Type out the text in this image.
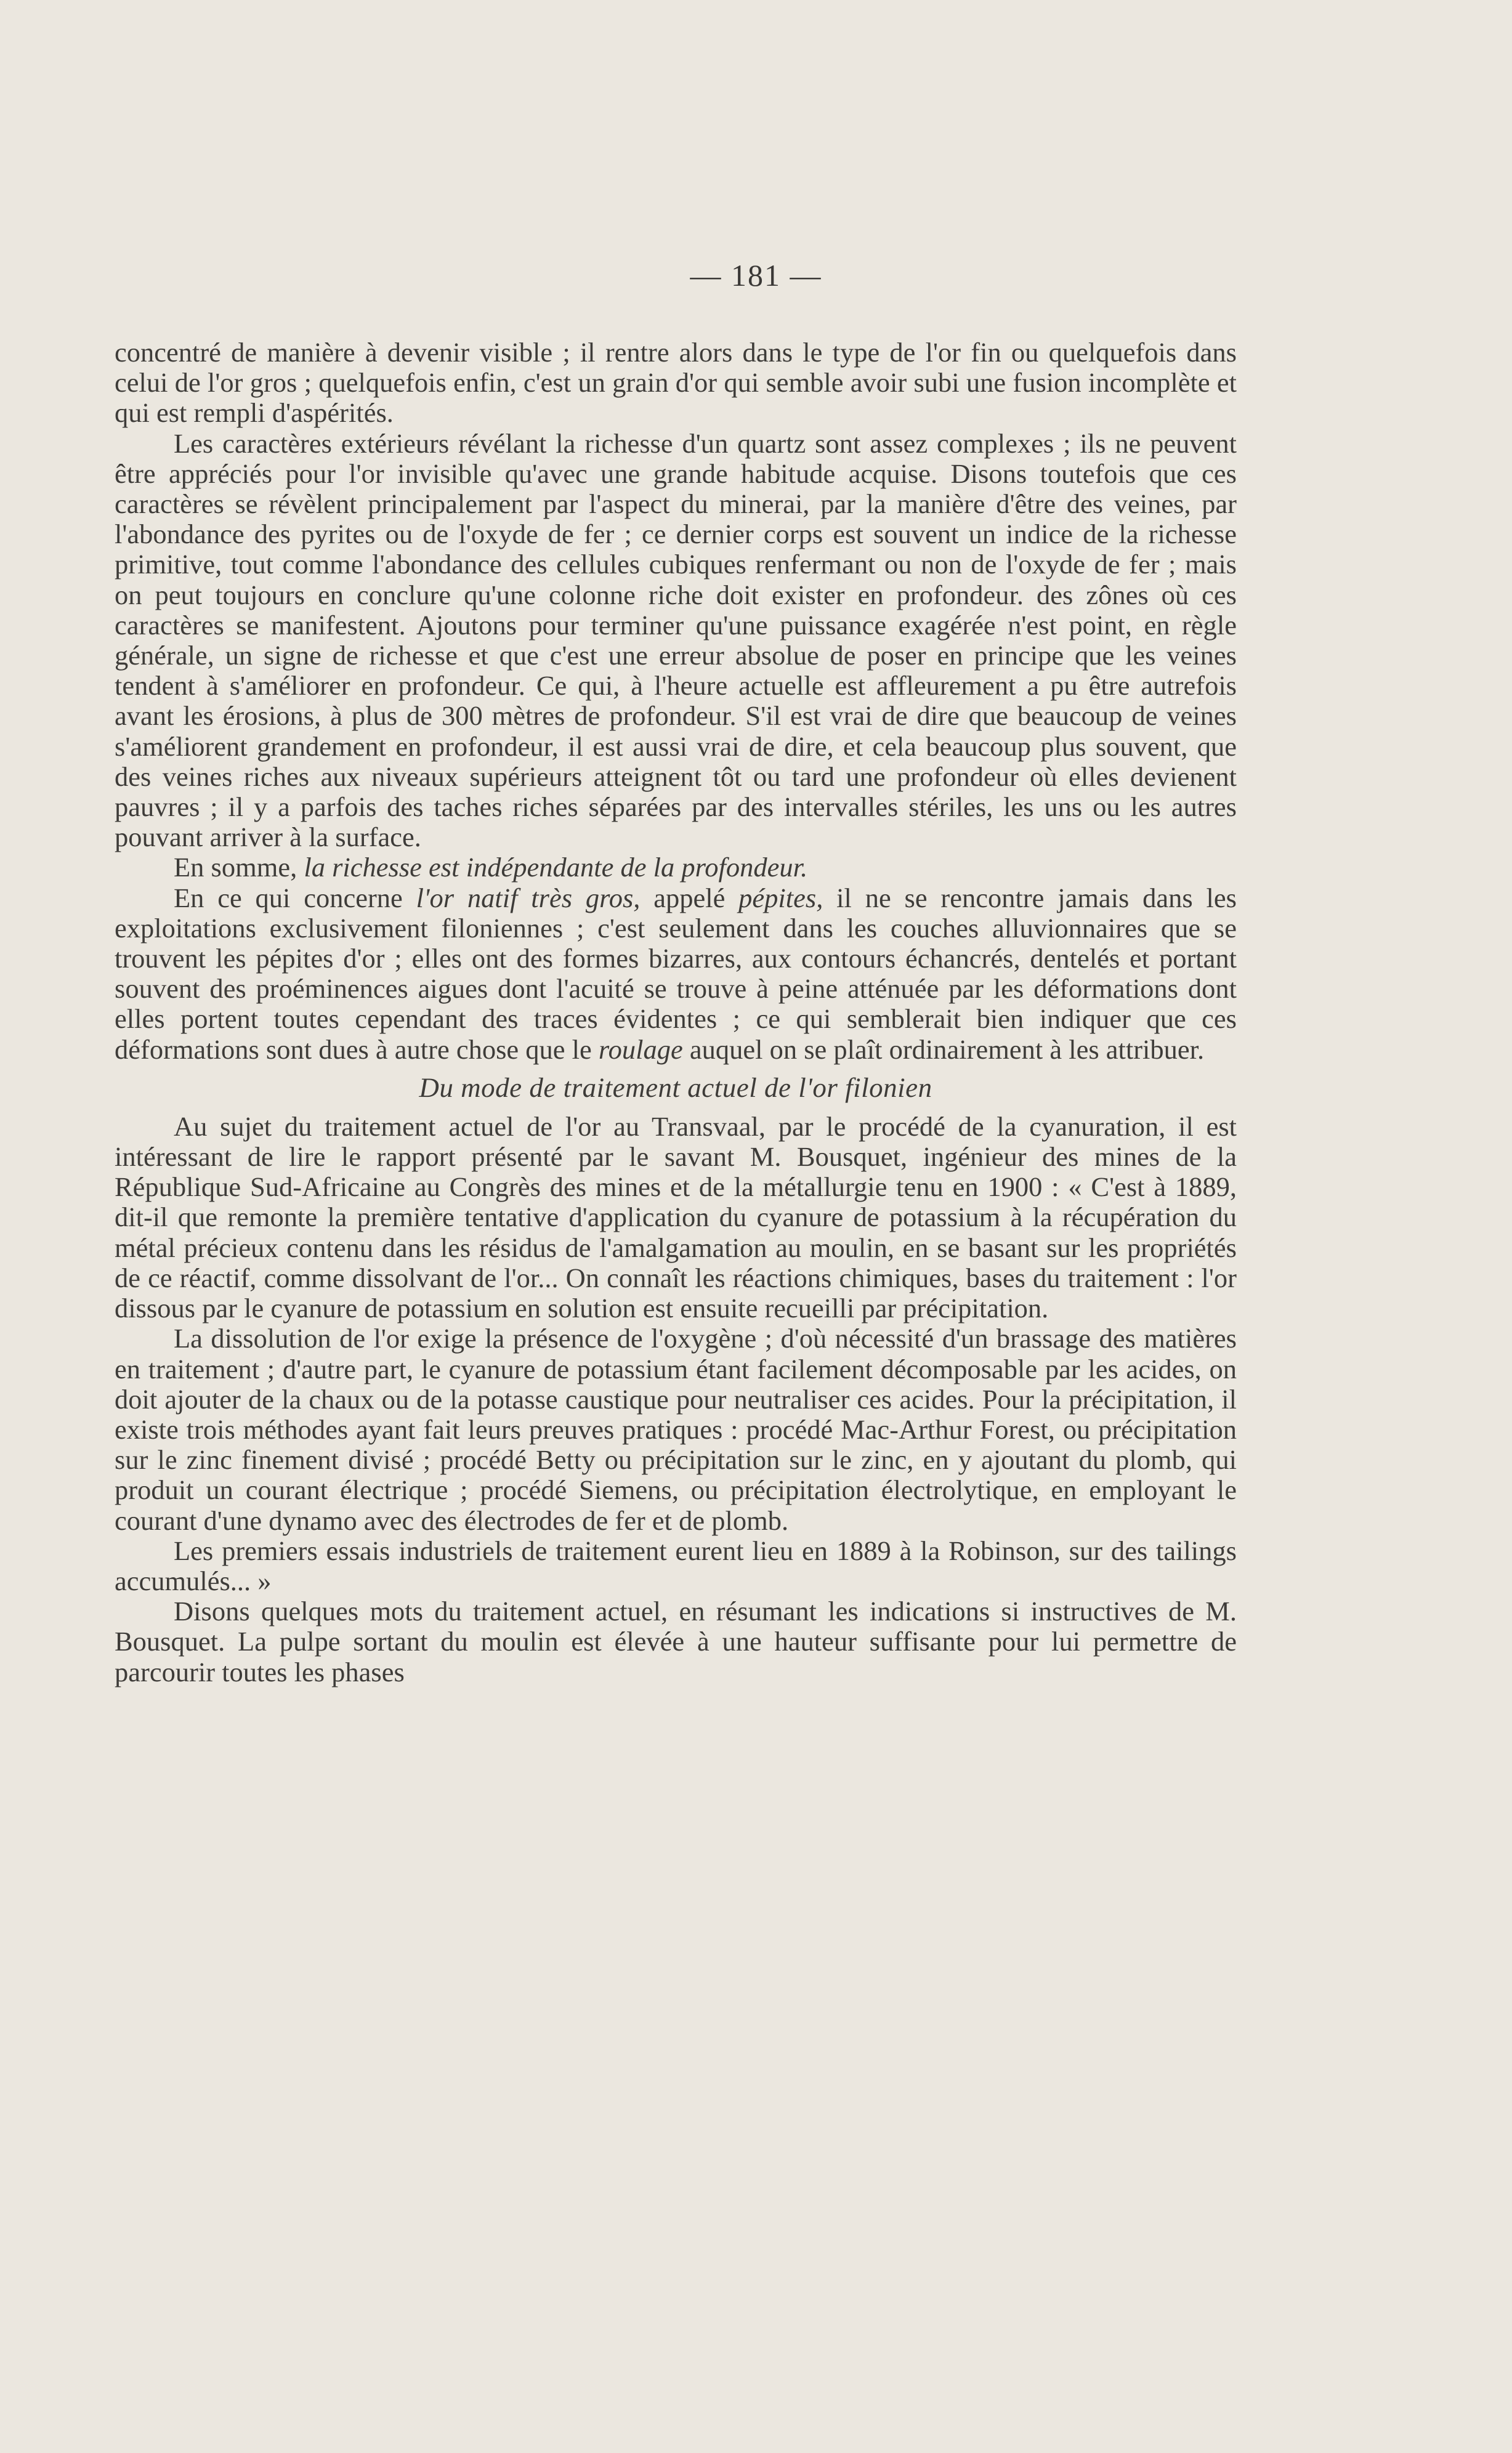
— 181 —

concentré de manière à devenir visible ; il rentre alors dans le type de l'or fin ou quelquefois dans celui de l'or gros ; quelquefois enfin, c'est un grain d'or qui semble avoir subi une fusion incomplète et qui est rempli d'aspérités.

Les caractères extérieurs révélant la richesse d'un quartz sont assez complexes ; ils ne peuvent être appréciés pour l'or invisible qu'avec une grande habitude acquise. Disons toutefois que ces caractères se révèlent principalement par l'aspect du minerai, par la manière d'être des veines, par l'abondance des pyrites ou de l'oxyde de fer ; ce dernier corps est souvent un indice de la richesse primitive, tout comme l'abondance des cellules cubiques renfermant ou non de l'oxyde de fer ; mais on peut toujours en conclure qu'une colonne riche doit exister en profondeur. des zônes où ces caractères se manifestent. Ajoutons pour terminer qu'une puissance exagérée n'est point, en règle générale, un signe de richesse et que c'est une erreur absolue de poser en principe que les veines tendent à s'améliorer en profondeur. Ce qui, à l'heure actuelle est affleurement a pu être autrefois avant les érosions, à plus de 300 mètres de profondeur. S'il est vrai de dire que beaucoup de veines s'améliorent grandement en profondeur, il est aussi vrai de dire, et cela beaucoup plus souvent, que des veines riches aux niveaux supérieurs atteignent tôt ou tard une profondeur où elles devienent pauvres ; il y a parfois des taches riches séparées par des intervalles stériles, les uns ou les autres pouvant arriver à la surface.

En somme, la richesse est indépendante de la profondeur.

En ce qui concerne l'or natif très gros, appelé pépites, il ne se rencontre jamais dans les exploitations exclusivement filoniennes ; c'est seulement dans les couches alluvionnaires que se trouvent les pépites d'or ; elles ont des formes bizarres, aux contours échancrés, dentelés et portant souvent des proéminences aigues dont l'acuité se trouve à peine atténuée par les déformations dont elles portent toutes cependant des traces évidentes ; ce qui semblerait bien indiquer que ces déformations sont dues à autre chose que le roulage auquel on se plaît ordinairement à les attribuer.

Du mode de traitement actuel de l'or filonien

Au sujet du traitement actuel de l'or au Transvaal, par le procédé de la cyanuration, il est intéressant de lire le rapport présenté par le savant M. Bousquet, ingénieur des mines de la République Sud-Africaine au Congrès des mines et de la métallurgie tenu en 1900 : « C'est à 1889, dit-il que remonte la première tentative d'application du cyanure de potassium à la récupération du métal précieux contenu dans les résidus de l'amalgamation au moulin, en se basant sur les propriétés de ce réactif, comme dissolvant de l'or... On connaît les réactions chimiques, bases du traitement : l'or dissous par le cyanure de potassium en solution est ensuite recueilli par précipitation.

La dissolution de l'or exige la présence de l'oxygène ; d'où nécessité d'un brassage des matières en traitement ; d'autre part, le cyanure de potassium étant facilement décomposable par les acides, on doit ajouter de la chaux ou de la potasse caustique pour neutraliser ces acides. Pour la précipitation, il existe trois méthodes ayant fait leurs preuves pratiques : procédé Mac-Arthur Forest, ou précipitation sur le zinc finement divisé ; procédé Betty ou précipitation sur le zinc, en y ajoutant du plomb, qui produit un courant électrique ; procédé Siemens, ou précipitation électrolytique, en employant le courant d'une dynamo avec des électrodes de fer et de plomb.

Les premiers essais industriels de traitement eurent lieu en 1889 à la Robinson, sur des tailings accumulés... »

Disons quelques mots du traitement actuel, en résumant les indications si instructives de M. Bousquet. La pulpe sortant du moulin est élevée à une hauteur suffisante pour lui permettre de parcourir toutes les phases
